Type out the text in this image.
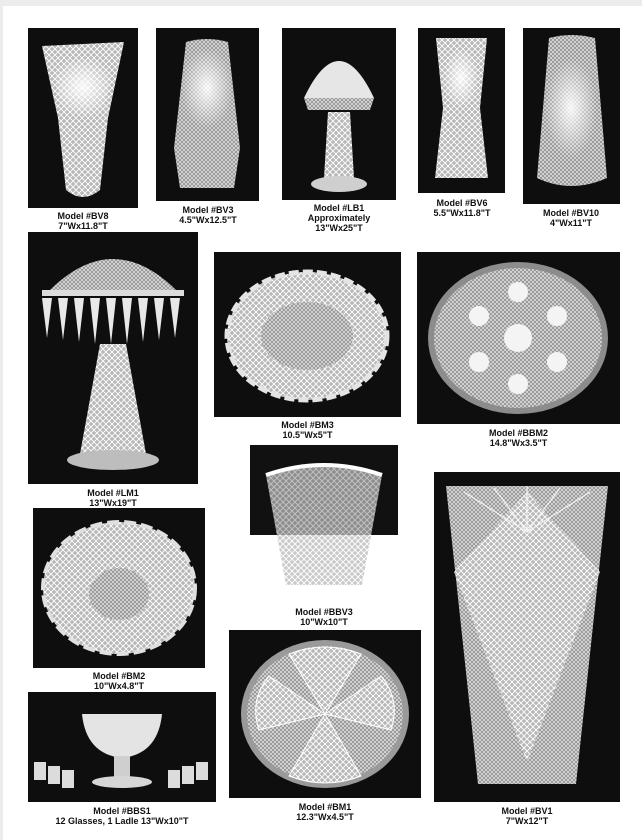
Model #BV8
7"Wx11.8"T
Model #BV3
4.5"Wx12.5"T
Model #LB1
Approximately
13"Wx25"T
Model #BV6
5.5"Wx11.8"T	Model #BV10
4"Wx11"T
Model #LM1
13"Wx19"T
Model #BM3
10.5"Wx5"T	Model #BBM2
14.8"Wx3.5"T
Model #BBV3
10"Wx10"T
Model #BV1
7"Wx12"T
Model #BM2
10"Wx4.8"T
Model #BM1
12.3"Wx4.5"T
Model #BBS1
12 Glasses, 1 Ladle 13"Wx10"T
